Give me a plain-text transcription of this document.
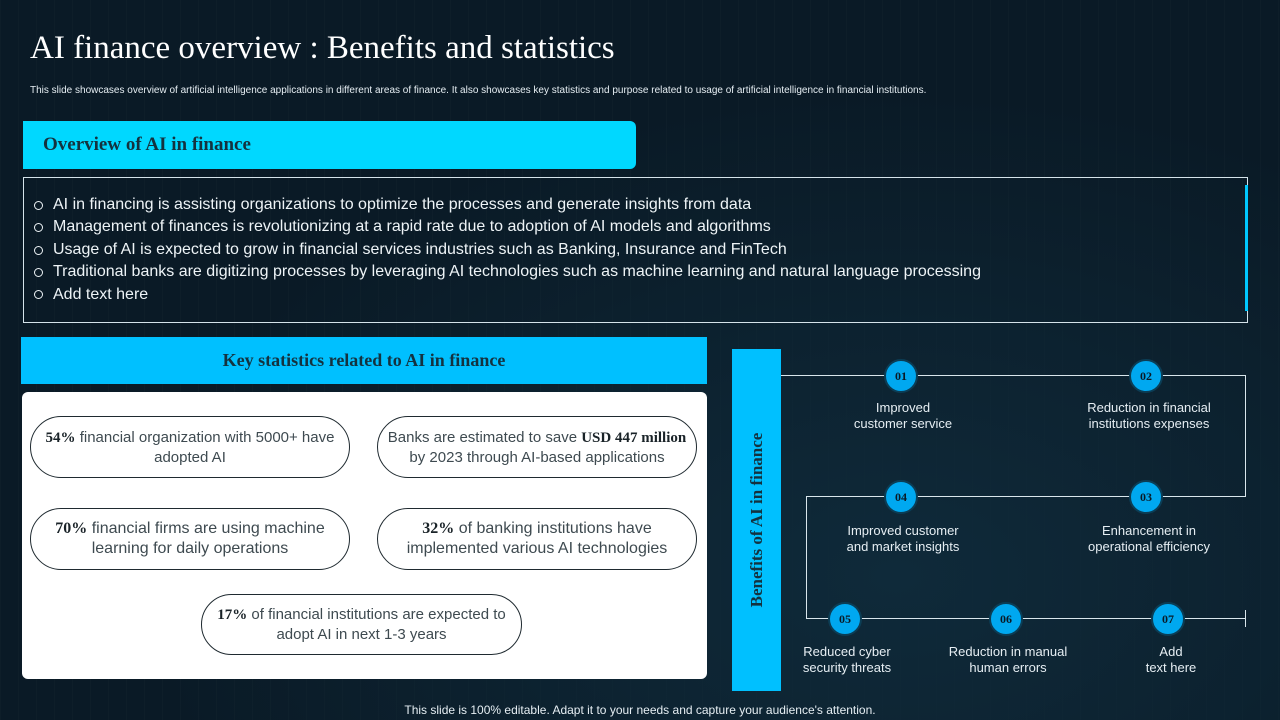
AI finance overview : Benefits and statistics
This slide showcases overview of artificial intelligence applications in different areas of finance. It also showcases key statistics and purpose related to usage of artificial intelligence in financial institutions.
Overview of AI in finance
AI in financing is assisting organizations to optimize the processes and generate insights from data
Management of finances is revolutionizing at a rapid rate due to adoption of AI models and algorithms
Usage of AI is expected to grow in financial services industries such as Banking, Insurance and FinTech
Traditional banks are digitizing processes by leveraging AI technologies such as machine learning and natural language processing
Add text here
Key statistics related to AI in finance
54% financial organization with 5000+ have adopted AI
Banks are estimated to save USD 447 million by 2023 through AI-based applications
70% financial firms are using machine learning for daily operations
32% of banking institutions have implemented various AI technologies
17% of financial institutions are expected to adopt AI in next 1-3 years
Benefits of AI in finance
01
Improved
customer service
02
Reduction in financial
institutions expenses
03
Enhancement in
operational efficiency
04
Improved customer
and market insights
05
Reduced cyber
security threats
06
Reduction in manual
human errors
07
Add
text here
This slide is 100% editable. Adapt it to your needs and capture your audience's attention.
